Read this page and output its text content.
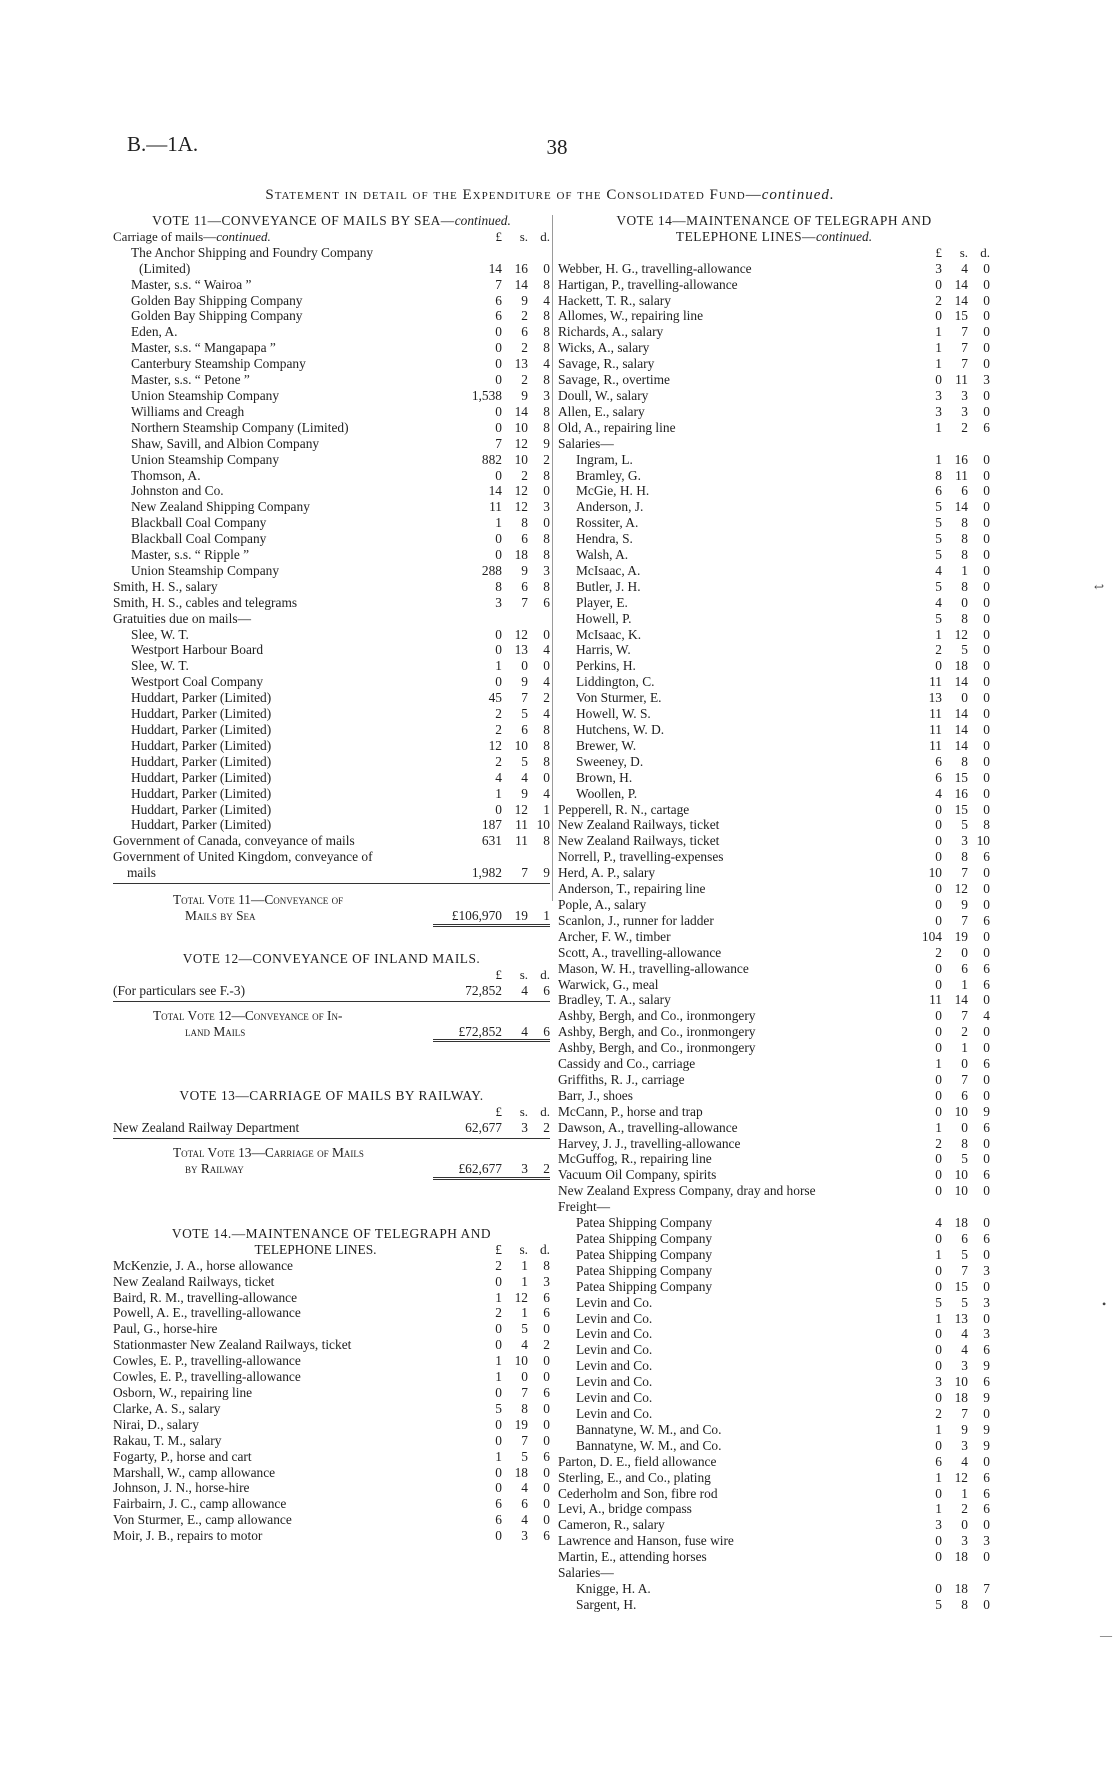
B.—1A.	38
Statement in detail of the Expenditure of the Consolidated Fund—continued.
VOTE 11—CONVEYANCE OF MAILS BY SEA—continued.
Carriage of mails—continued.	£	s. d.
The Anchor Shipping and Foundry Company
(Limited)	14 16	0
Master, s.s. “ Wairoa ”	7 14	8
Golden Bay Shipping Company	6	9	4
Golden Bay Shipping Company	6	2	8
Eden, A.	0	6	8
Master, s.s. “ Mangapapa ”	0	2	8
Canterbury Steamship Company	0 13	4
Master, s.s. “ Petone ”	0	2	8
Union Steamship Company	1,538	9	3
Williams and Creagh	0 14	8
Northern Steamship Company (Limited)	0 10	8
Shaw, Savill, and Albion Company	7 12	9
Union Steamship Company	882 10	2
Thomson, A.	0	2	8
Johnston and Co.	14 12	0
New Zealand Shipping Company	11 12	3
Blackball Coal Company	1	8	0
Blackball Coal Company	0	6	8
Master, s.s. “ Ripple ”	0 18	8
Union Steamship Company	288	9	3
Smith, H. S., salary	8	6	8
Smith, H. S., cables and telegrams	3	7	6
Gratuities due on mails—
Slee, W. T.	0 12	0
Westport Harbour Board	0 13	4
Slee, W. T.	1	0	0
Westport Coal Company	0	9	4
Huddart, Parker (Limited)	45	7	2
Huddart, Parker (Limited)	2	5	4
Huddart, Parker (Limited)	2	6	8
Huddart, Parker (Limited)	12 10	8
Huddart, Parker (Limited)	2	5	8
Huddart, Parker (Limited)	4	4	0
Huddart, Parker (Limited)	1	9	4
Huddart, Parker (Limited)	0 12	1
Huddart, Parker (Limited)	187 11 10
Government of Canada, conveyance of mails	631 11	8
Government of United Kingdom, conveyance of
mails	1,982	7	9
Total Vote 11—Conveyance of
Mails by Sea	£106,970 19	1
VOTE 12—CONVEYANCE OF INLAND MAILS.
£	s. d.
(For particulars see F.-3)	72,852	4	6
Total Vote 12—Conveyance of In-
land Mails	£72,852	4	6
VOTE 13—CARRIAGE OF MAILS BY RAILWAY.
£	s. d.
New Zealand Railway Department	62,677	3	2
Total Vote 13—Carriage of Mails
by Railway	£62,677	3	2
VOTE 14.—MAINTENANCE OF TELEGRAPH AND
TELEPHONE LINES.	£	s. d.
McKenzie, J. A., horse allowance	2	1	8
New Zealand Railways, ticket	0	1	3
Baird, R. M., travelling-allowance	1 12	6
Powell, A. E., travelling-allowance	2	1	6
Paul, G., horse-hire	0	5	0
Stationmaster New Zealand Railways, ticket	0	4	2
Cowles, E. P., travelling-allowance	1 10	0
Cowles, E. P., travelling-allowance	1	0	0
Osborn, W., repairing line	0	7	6
Clarke, A. S., salary	5	8	0
Nirai, D., salary	0 19	0
Rakau, T. M., salary	0	7	0
Fogarty, P., horse and cart	1	5	6
Marshall, W., camp allowance	0 18	0
Johnson, J. N., horse-hire	0	4	0
Fairbairn, J. C., camp allowance	6	6	0
Von Sturmer, E., camp allowance	6	4	0
Moir, J. B., repairs to motor	0	3	6
VOTE 14—MAINTENANCE OF TELEGRAPH AND
TELEPHONE LINES—continued.
£	s. d.
Webber, H. G., travelling-allowance	3	4	0
Hartigan, P., travelling-allowance	0 14	0
Hackett, T. R., salary	2 14	0
Allomes, W., repairing line	0 15	0
Richards, A., salary	1	7	0
Wicks, A., salary	1	7	0
Savage, R., salary	1	7	0
Savage, R., overtime	0 11	3
Doull, W., salary	3	3	0
Allen, E., salary	3	3	0
Old, A., repairing line	1	2	6
Salaries—
Ingram, L.	1 16	0
Bramley, G.	8 11	0
McGie, H. H.	6	6	0
Anderson, J.	5 14	0
Rossiter, A.	5	8	0
Hendra, S.	5	8	0
Walsh, A.	5	8	0
McIsaac, A.	4	1	0
Butler, J. H.	5	8	0
Player, E.	4	0	0
Howell, P.	5	8	0
McIsaac, K.	1 12	0
Harris, W.	2	5	0
Perkins, H.	0 18	0
Liddington, C.	11 14	0
Von Sturmer, E.	13	0	0
Howell, W. S.	11 14	0
Hutchens, W. D.	11 14	0
Brewer, W.	11 14	0
Sweeney, D.	6	8	0
Brown, H.	6 15	0
Woollen, P.	4 16	0
Pepperell, R. N., cartage	0 15	0
New Zealand Railways, ticket	0	5	8
New Zealand Railways, ticket	0	3 10
Norrell, P., travelling-expenses	0	8	6
Herd, A. P., salary	10	7	0
Anderson, T., repairing line	0 12	0
Pople, A., salary	0	9	0
Scanlon, J., runner for ladder	0	7	6
Archer, F. W., timber	104 19	0
Scott, A., travelling-allowance	2	0	0
Mason, W. H., travelling-allowance	0	6	6
Warwick, G., meal	0	1	6
Bradley, T. A., salary	11 14	0
Ashby, Bergh, and Co., ironmongery	0	7	4
Ashby, Bergh, and Co., ironmongery	0	2	0
Ashby, Bergh, and Co., ironmongery	0	1	0
Cassidy and Co., carriage	1	0	6
Griffiths, R. J., carriage	0	7	0
Barr, J., shoes	0	6	0
McCann, P., horse and trap	0 10	9
Dawson, A., travelling-allowance	1	0	6
Harvey, J. J., travelling-allowance	2	8	0
McGuffog, R., repairing line	0	5	0
Vacuum Oil Company, spirits	0 10	6
New Zealand Express Company, dray and horse	0 10	0
Freight—
Patea Shipping Company	4 18	0
Patea Shipping Company	0	6	6
Patea Shipping Company	1	5	0
Patea Shipping Company	0	7	3
Patea Shipping Company	0 15	0
Levin and Co.	5	5	3
Levin and Co.	1 13	0
Levin and Co.	0	4	3
Levin and Co.	0	4	6
Levin and Co.	0	3	9
Levin and Co.	3 10	6
Levin and Co.	0 18	9
Levin and Co.	2	7	0
Bannatyne, W. M., and Co.	1	9	9
Bannatyne, W. M., and Co.	0	3	9
Parton, D. E., field allowance	6	4	0
Sterling, E., and Co., plating	1 12	6
Cederholm and Son, fibre rod	0	1	6
Levi, A., bridge compass	1	2	6
Cameron, R., salary	3	0	0
Lawrence and Hanson, fuse wire	0	3	3
Martin, E., attending horses	0 18	0
Salaries—
Knigge, H. A.	0 18	7
Sargent, H.	5	8	0
↩
•
—
